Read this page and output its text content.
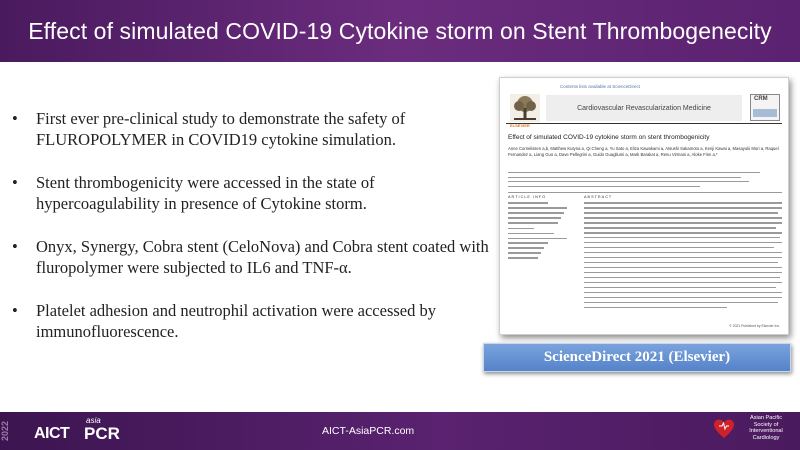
Effect of simulated COVID-19 Cytokine storm on Stent Thrombogenecity
• First ever pre-clinical study to demonstrate the safety of FLUROPOLYMER in COVID19 cytokine simulation.
• Stent thrombogenicity were accessed in the state of hypercoagulability in presence of Cytokine storm.
• Onyx, Synergy, Cobra stent (CeloNova) and Cobra stent coated with fluropolymer were subjected to IL6 and TNF-α.
• Platelet adhesion and neutrophil activation were accessed by immunofluorescence.
Contents lists available at ScienceDirect
ELSEVIER
Cardiovascular Revascularization Medicine
CRM
Effect of simulated COVID-19 cytokine storm on stent thrombogenicity
Anne Cornelissen a,b, Matthew Kutyna a, Qi Cheng a, Yu Sato a, Eliza Kawakami a, Atsushi Sakamoto a, Kenji Kawai a, Masayuki Mori a, Raquel Fernandez a, Liang Guo a, Dave Pellegrini a, Guido Guagliumi a, Mark Barakat a, Renu Virmani a, Aloke Finn a,*
ARTICLE INFO	ABSTRACT
© 2021 Published by Elsevier Inc.
ScienceDirect 2021 (Elsevier)
2022	AICT
asia
PCR	AICT-AsiaPCR.com
Asian Pacific
Society of
Interventional
Cardiology
